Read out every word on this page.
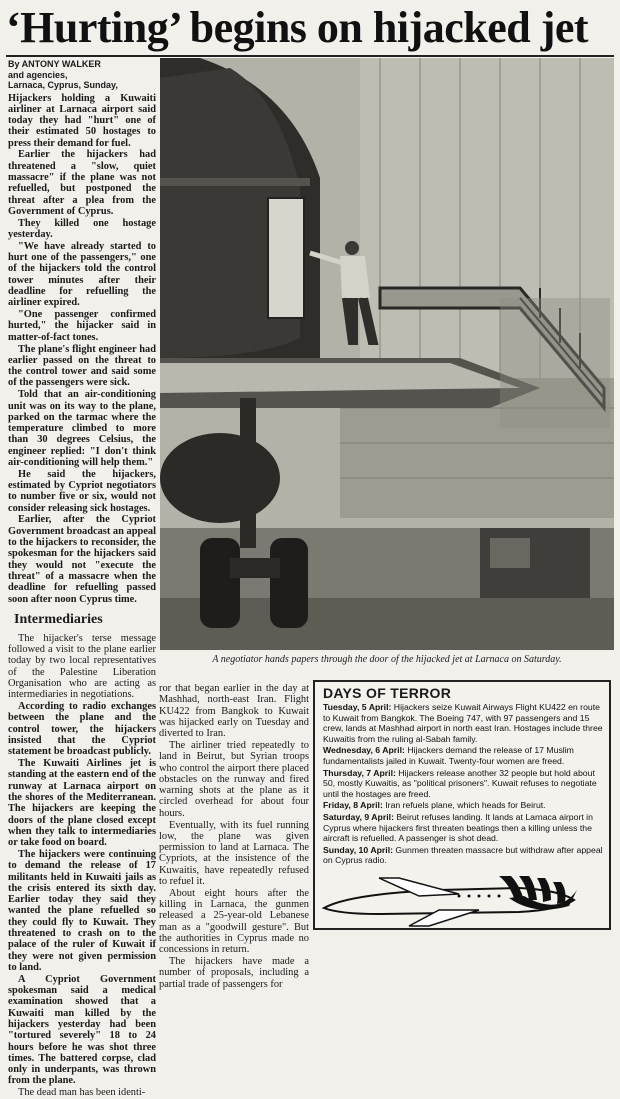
‘Hurting’ begins on hijacked jet
By ANTONY WALKER
and agencies,
Larnaca, Cyprus, Sunday,

Hijackers holding a Kuwaiti airliner at Larnaca airport said today they had "hurt" one of their estimated 50 hostages to press their demand for fuel.

Earlier the hijackers had threatened a "slow, quiet massacre" if the plane was not refuelled, but postponed the threat after a plea from the Government of Cyprus.

They killed one hostage yesterday.

"We have already started to hurt one of the passengers," one of the hijackers told the control tower minutes after their deadline for refuelling the airliner expired.

"One passenger confirmed hurted," the hijacker said in matter-of-fact tones.

The plane's flight engineer had earlier passed on the threat to the control tower and said some of the passengers were sick.

Told that an air-conditioning unit was on its way to the plane, parked on the tarmac where the temperature climbed to more than 30 degrees Celsius, the engineer replied: "I don't think air-conditioning will help them."

He said the hijackers, estimated by Cypriot negotiators to number five or six, would not consider releasing sick hostages.

Earlier, after the Cypriot Government broadcast an appeal to the hijackers to reconsider, the spokesman for the hijackers said they would not "execute the threat" of a massacre when the deadline for refuelling passed soon after noon Cyprus time.

Intermediaries

The hijacker's terse message followed a visit to the plane earlier today by two local representatives of the Palestine Liberation Organisation who are acting as intermediaries in negotiations.

According to radio exchanges between the plane and the control tower, the hijackers insisted that the Cypriot statement be broadcast publicly.

The Kuwaiti Airlines jet is standing at the eastern end of the runway at Larnaca airport on the shores of the Mediterranean. The hijackers are keeping the doors of the plane closed except when they talk to intermediaries or take food on board.

The hijackers were continuing to demand the release of 17 militants held in Kuwaiti jails as the crisis entered its sixth day. Earlier today they said they wanted the plane refuelled so they could fly to Kuwait. They threatened to crash on to the palace of the ruler of Kuwait if they were not given permission to land.

A Cypriot Government spokesman said a medical examination showed that a Kuwaiti man killed by the hijackers yesterday had been "tortured severely" 18 to 24 hours before he was shot three times. The battered corpse, clad only in underpants, was thrown from the plane.

The dead man has been identi-

A negotiator hands papers through the door of the hijacked jet at Larnaca on Saturday.

ror that began earlier in the day at Mashhad, north-east Iran. Flight KU422 from Bangkok to Kuwait was hijacked early on Tuesday and diverted to Iran.

The airliner tried repeatedly to land in Beirut, but Syrian troops who control the airport there placed obstacles on the runway and fired warning shots at the plane as it circled overhead for about four hours.

Eventually, with its fuel running low, the plane was given permission to land at Larnaca. The Cypriots, at the insistence of the Kuwaitis, have repeatedly refused to refuel it.

About eight hours after the killing in Larnaca, the gunmen released a 25-year-old Lebanese man as a "goodwill gesture". But the authorities in Cyprus made no concessions in return.

The hijackers have made a number of proposals, including a partial trade of passengers for

DAYS OF TERROR

Tuesday, 5 April: Hijackers seize Kuwait Airways Flight KU422 en route to Kuwait from Bangkok. The Boeing 747, with 97 passengers and 15 crew, lands at Mashhad airport in north east Iran. Hostages include three Kuwaitis from the ruling al-Sabah family.

Wednesday, 6 April: Hijackers demand the release of 17 Muslim fundamentalists jailed in Kuwait. Twenty-four women are freed.

Thursday, 7 April: Hijackers release another 32 people but hold about 50, mostly Kuwaitis, as "political prisoners". Kuwait refuses to negotiate until the hostages are freed.

Friday, 8 April: Iran refuels plane, which heads for Beirut.

Saturday, 9 April: Beirut refuses landing. It lands at Larnaca airport in Cyprus where hijackers first threaten beatings then a killing unless the aircraft is refuelled. A passenger is shot dead.

Sunday, 10 April: Gunmen threaten massacre but withdraw after appeal on Cyprus radio.
